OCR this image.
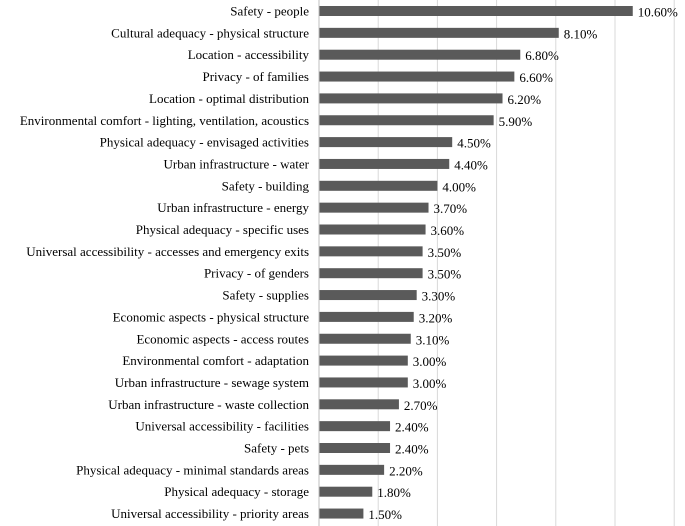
Safety - people
Cultural adequacy - physical structure
Location - accessibility
Privacy - of families
Location - optimal distribution
Environmental comfort - lighting, ventilation, acoustics
Physical adequacy - envisaged activities
Urban infrastructure - water
Safety - building
Urban infrastructure - energy
Physical adequacy - specific uses
Universal accessibility - accesses and emergency exits
Privacy - of genders
Safety - supplies
Economic aspects - physical structure
Economic aspects - access routes
Environmental comfort - adaptation
Urban infrastructure - sewage system
Urban infrastructure - waste collection
Universal accessibility - facilities
Safety - pets
Physical adequacy - minimal standards areas
Physical adequacy - storage
Universal accessibility - priority areas
10.60%
8.10%
6.80%
6.60%
6.20%
5.90%
4.50%
4.40%
4.00%
3.70%
3.60%
3.50%
3.50%
3.30%
3.20%
3.10%
3.00%
3.00%
2.70%
2.40%
2.40%
2.20%
1.80%
1.50%
